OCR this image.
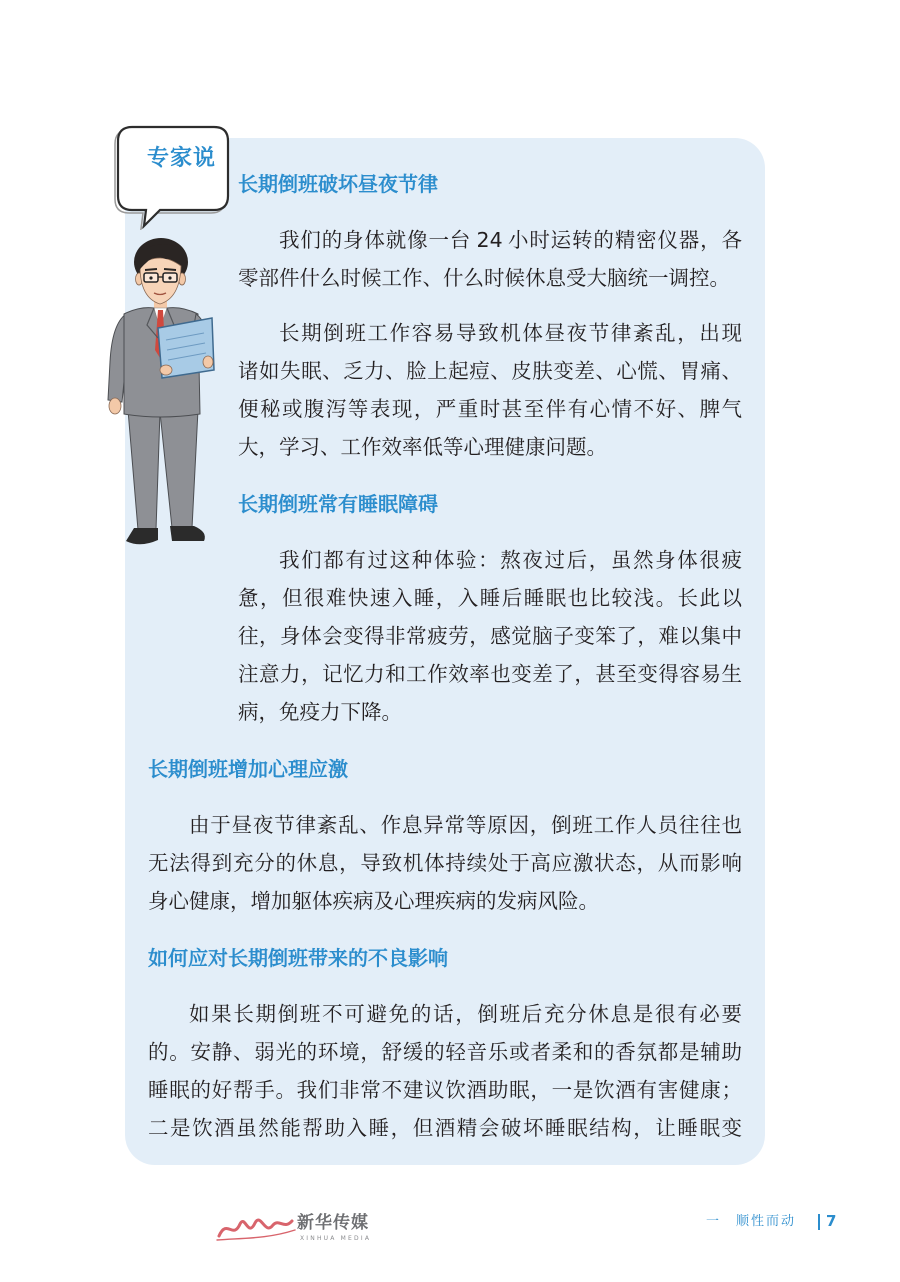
专家说
长期倒班破坏昼夜节律
我们的身体就像一台 24 小时运转的精密仪器，各
零部件什么时候工作、什么时候休息受大脑统一调控。
长期倒班工作容易导致机体昼夜节律紊乱，出现
诸如失眠、乏力、脸上起痘、皮肤变差、心慌、胃痛、
便秘或腹泻等表现，严重时甚至伴有心情不好、脾气
大，学习、工作效率低等心理健康问题。
长期倒班常有睡眠障碍
我们都有过这种体验：熬夜过后，虽然身体很疲
惫，但很难快速入睡，入睡后睡眠也比较浅。长此以
往，身体会变得非常疲劳，感觉脑子变笨了，难以集中
注意力，记忆力和工作效率也变差了，甚至变得容易生
病，免疫力下降。
长期倒班增加心理应激
由于昼夜节律紊乱、作息异常等原因，倒班工作人员往往也
无法得到充分的休息，导致机体持续处于高应激状态，从而影响
身心健康，增加躯体疾病及心理疾病的发病风险。
如何应对长期倒班带来的不良影响
如果长期倒班不可避免的话，倒班后充分休息是很有必要
的。安静、弱光的环境，舒缓的轻音乐或者柔和的香氛都是辅助
睡眠的好帮手。我们非常不建议饮酒助眠，一是饮酒有害健康；
二是饮酒虽然能帮助入睡，但酒精会破坏睡眠结构，让睡眠变
新华传媒
XINHUA MEDIA
一　顺性而动 7
